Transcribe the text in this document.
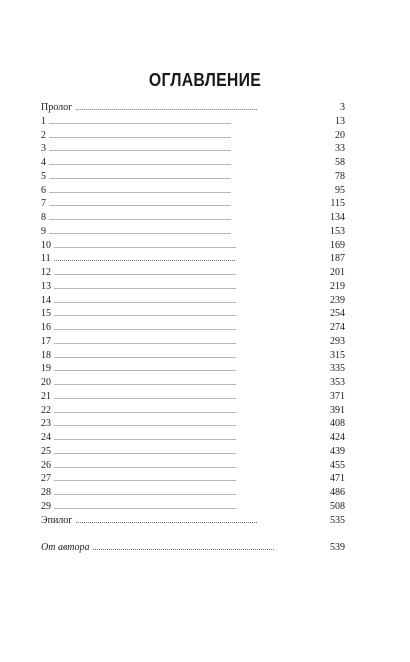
ОГЛАВЛЕНИЕ
Пролог . . .	3
1 . . .	13
2 . . .	20
3 . . .	33
4 . . .	58
5 . . .	78
6 . . .	95
7 . . .	115
8 . . .	134
9 . . .	153
10 . . .	169
11 . . .	187
12 . . .	201
13 . . .	219
14 . . .	239
15 . . .	254
16 . . .	274
17 . . .	293
18 . . .	315
19 . . .	335
20 . . .	353
21 . . .	371
22 . . .	391
23 . . .	408
24 . . .	424
25 . . .	439
26 . . .	455
27 . . .	471
28 . . .	486
29 . . .	508
Эпилог . . .	535
От автора . . .	539
